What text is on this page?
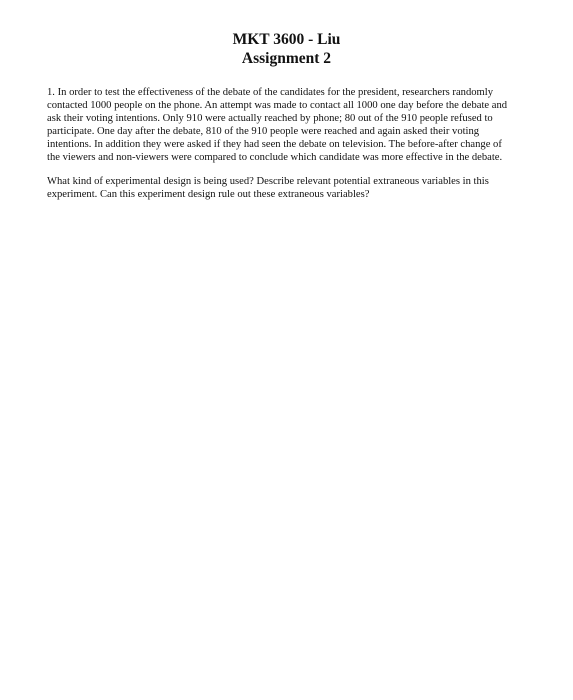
MKT 3600 - Liu
Assignment 2

1. In order to test the effectiveness of the debate of the candidates for the president, researchers randomly contacted 1000 people on the phone. An attempt was made to contact all 1000 one day before the debate and ask their voting intentions. Only 910 were actually reached by phone; 80 out of the 910 people refused to participate. One day after the debate, 810 of the 910 people were reached and again asked their voting intentions. In addition they were asked if they had seen the debate on television. The before-after change of the viewers and non-viewers were compared to conclude which candidate was more effective in the debate.

What kind of experimental design is being used? Describe relevant potential extraneous variables in this experiment. Can this experiment design rule out these extraneous variables?
